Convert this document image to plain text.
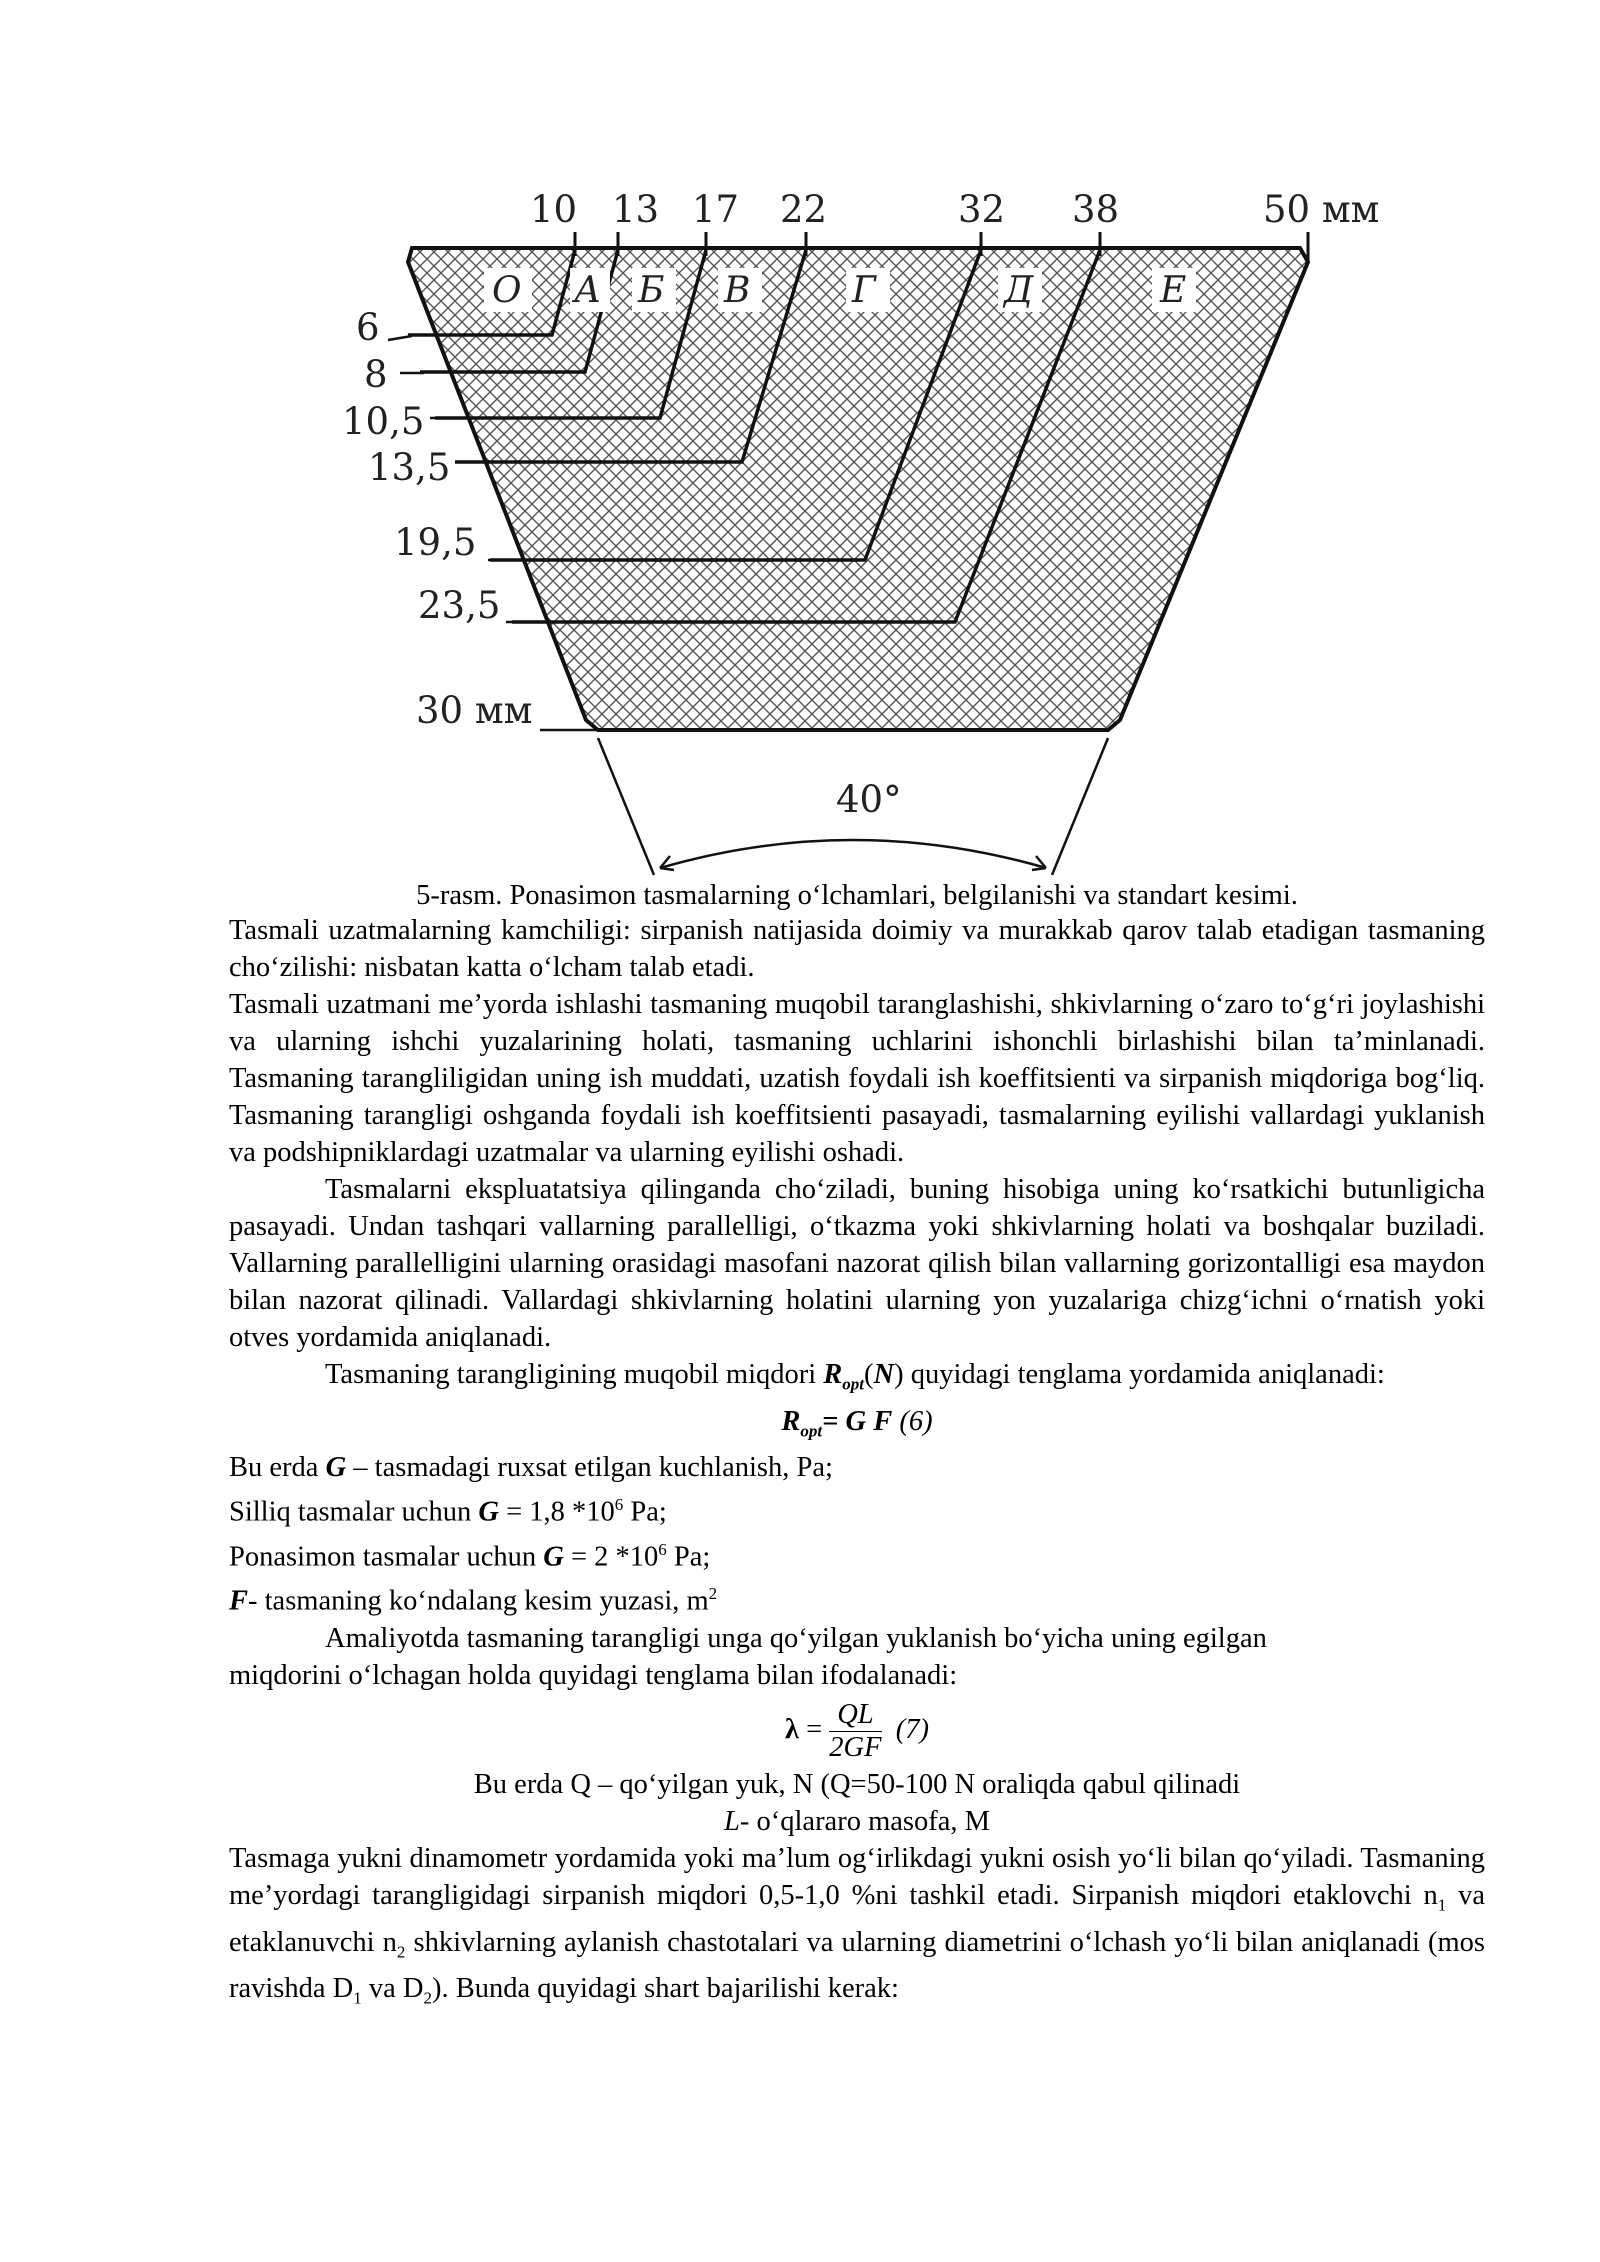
10 13 17 22	32 38	50 мм
О А Б В	Г	Д	Е
6
8
10,5
13,5
19,5
23,5
30 мм
40°
5-rasm. Ponasimon tasmalarning o‘lchamlari, belgilanishi va standart kesimi.

Tasmali uzatmalarning kamchiligi: sirpanish natijasida doimiy va murakkab qarov talab etadigan tasmaning cho‘zilishi: nisbatan katta o‘lcham talab etadi.

Tasmali uzatmani me’yorda ishlashi tasmaning muqobil taranglashishi, shkivlarning o‘zaro to‘g‘ri joylashishi va ularning ishchi yuzalarining holati, tasmaning uchlarini ishonchli birlashishi bilan ta’minlanadi. Tasmaning taranglilig‌idan uning ish muddati, uzatish foydali ish koeffitsienti va sirpanish miqdoriga bog‘liq. Tasmaning tarangligi oshganda foydali ish koeffitsienti pasayadi, tasmalarning eyilishi vallardagi yuklanish va podshipniklardagi uzatmalar va ularning eyilishi oshadi.

Tasmalarni ekspluatatsiya qilinganda cho‘ziladi, buning hisobiga uning ko‘rsatkichi butunligicha pasayadi. Undan tashqari vallarning parallelligi, o‘tkazma yoki shkivlarning holati va boshqalar buziladi. Vallarning parallelligini ularning orasidagi masofani nazorat qilish bilan vallarning gorizontalligi esa maydon bilan nazorat qilinadi. Vallardagi shkivlarning holatini ularning yon yuzalariga chizg‘ichni o‘rnatish yoki otves yordamida aniqlanadi.

Tasmaning tarangligining muqobil miqdori $R_{opt}(N)$ quyidagi tenglama yordamida aniqlanadi:

$R_{opt}= G$ F (6)

Bu erda G – tasmadagi ruxsat etilgan kuchlanish, Pa;

Silliq tasmalar uchun G = 1,8 $*10^6$ Pa;

Ponasimon tasmalar uchun G = 2 $*10^6$ Pa;

F- tasmaning ko‘ndalang kesim yuzasi, $m^2$

Amaliyotda tasmaning tarangligi unga qo‘yilgan yuklanish bo‘yicha uning egilgan

miqdorini o‘lchagan holda quyidagi tenglama bilan ifodalanadi:

$\lambda = \frac{QL}{2GF} (7)$

Bu erda Q – qo‘yilgan yuk, N (Q=50-100 N oraliqda qabul qilinadi

L- o‘qlararo masofa, M

Tasmaga yukni dinamometr yordamida yoki ma’lum og‘irlikdagi yukni osish yo‘li bilan qo‘yiladi. Tasmaning me’yordagi tarangligidagi sirpanish miqdori 0,5-1,0 %ni tashkil etadi. Sirpanish miqdori etaklovchi $n_1$ va etaklanuvchi $n_2$ shkivlarning aylanish chastotalari va ularning diametrini o‘lchash yo‘li bilan aniqlanadi (mos ravishda $D_1$ va $D_2$). Bunda quyidagi shart bajarilishi kerak:
